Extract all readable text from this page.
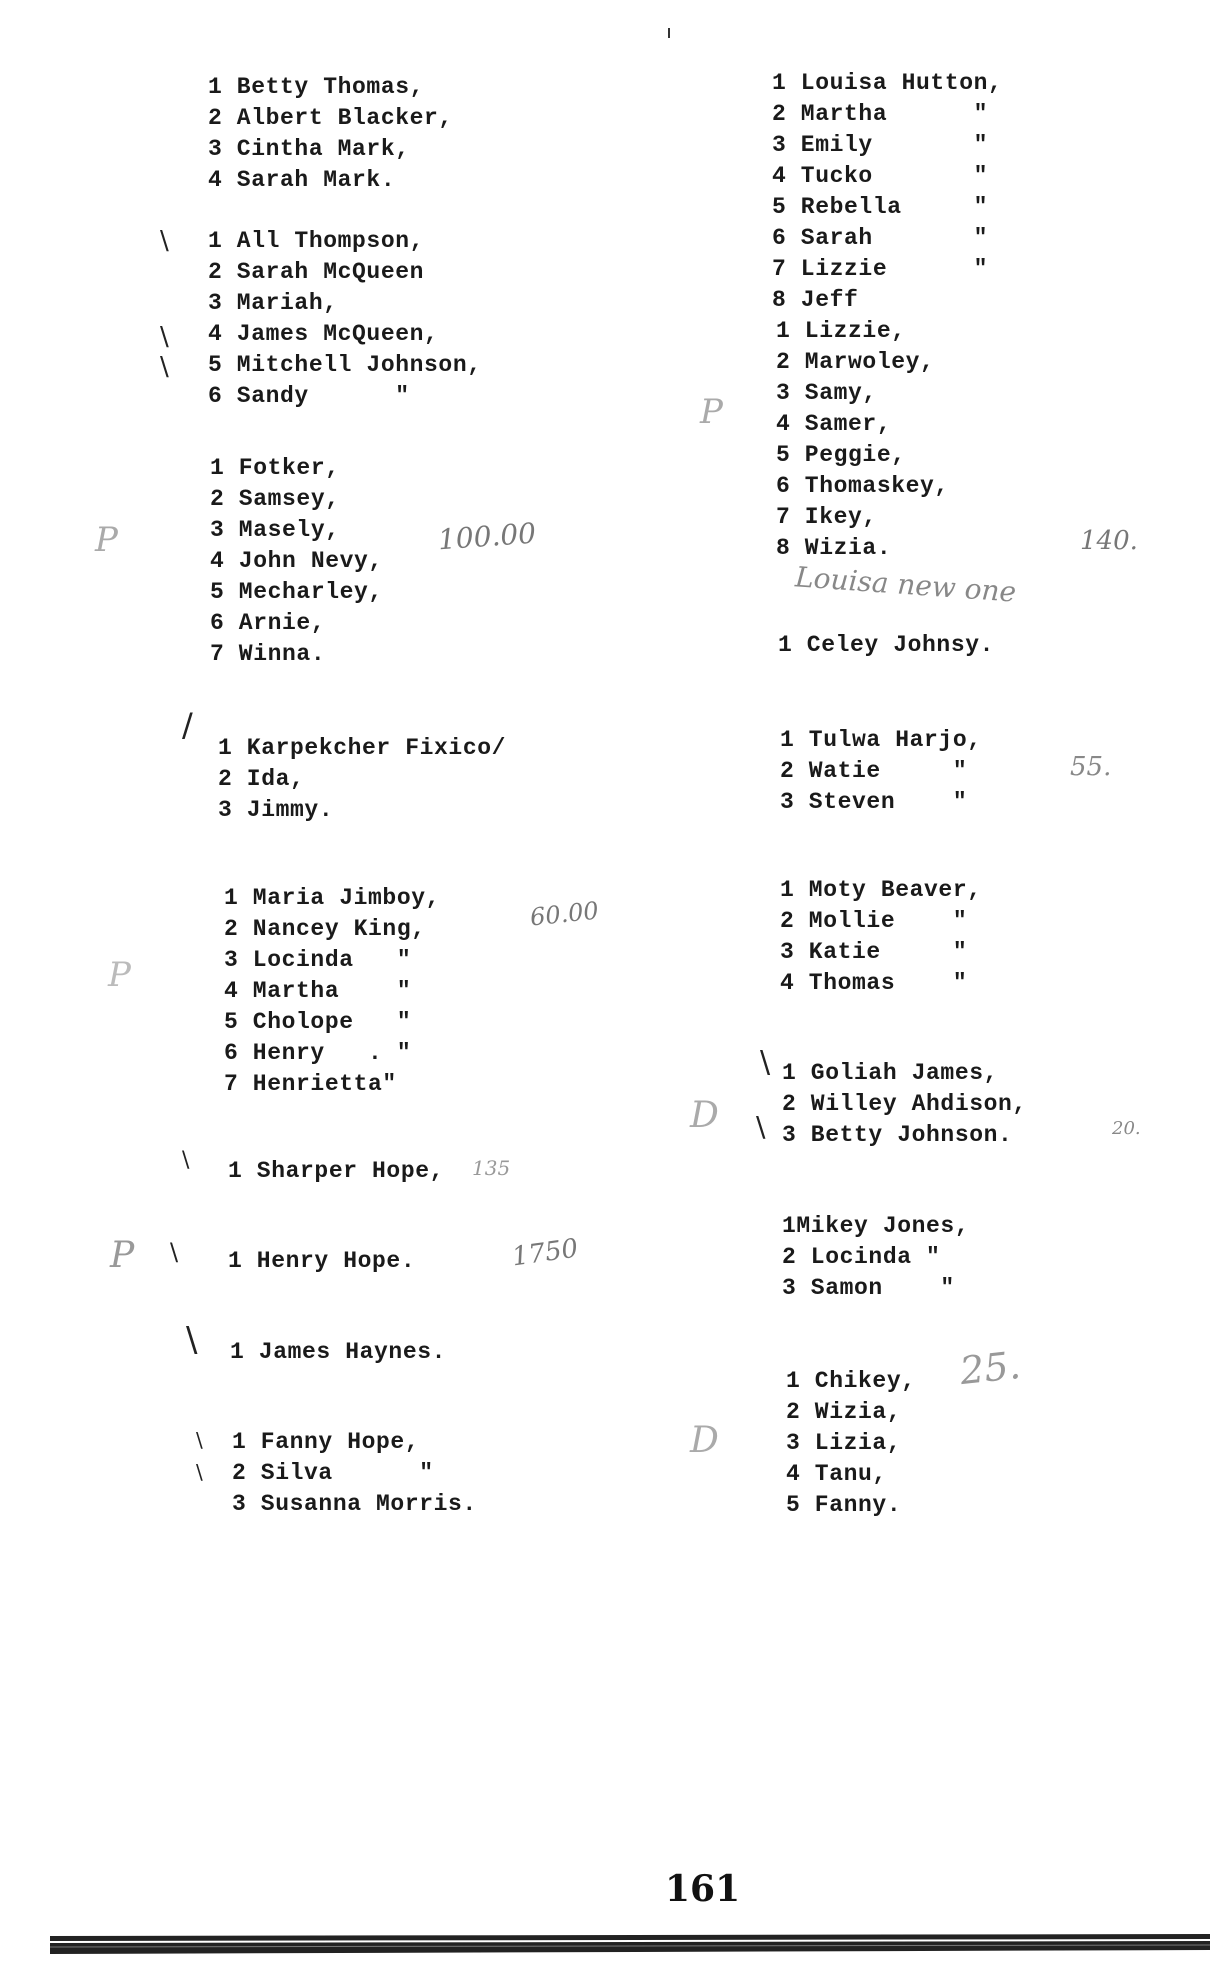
1 Betty Thomas,
2 Albert Blacker,
3 Cintha Mark,
4 Sarah Mark.
1 All Thompson,
2 Sarah McQueen
3 Mariah,
4 James McQueen,
5 Mitchell Johnson,
6 Sandy      "
1 Fotker,
2 Samsey,
3 Masely,
4 John Nevy,
5 Mecharley,
6 Arnie,
7 Winna.
1 Karpekcher Fixico/
2 Ida,
3 Jimmy.
1 Maria Jimboy,
2 Nancey King,
3 Locinda   "
4 Martha    "
5 Cholope   "
6 Henry   . "
7 Henrietta"
1 Sharper Hope,
1 Henry Hope.
1 James Haynes.
1 Fanny Hope,
2 Silva      "
3 Susanna Morris.
1 Louisa Hutton,
2 Martha      "
3 Emily       "
4 Tucko       "
5 Rebella     "
6 Sarah       "
7 Lizzie      "
8 Jeff
1 Lizzie,
2 Marwoley,
3 Samy,
4 Samer,
5 Peggie,
6 Thomaskey,
7 Ikey,
8 Wizia.
1 Celey Johnsy.
1 Tulwa Harjo,
2 Watie     "
3 Steven    "
1 Moty Beaver,
2 Mollie    "
3 Katie     "
4 Thomas    "
1 Goliah James,
2 Willey Ahdison,
3 Betty Johnson.
1Mikey Jones,
2 Locinda "
3 Samon    "
1 Chikey,
2 Wizia,
3 Lizia,
4 Tanu,
5 Fanny.
100.00
60.00
135
1750
140.
Louisa new one
55.
20.
25.
P
P
P
D
P
D
\
\
\
/
\
\
\
\
\
\
\
161
